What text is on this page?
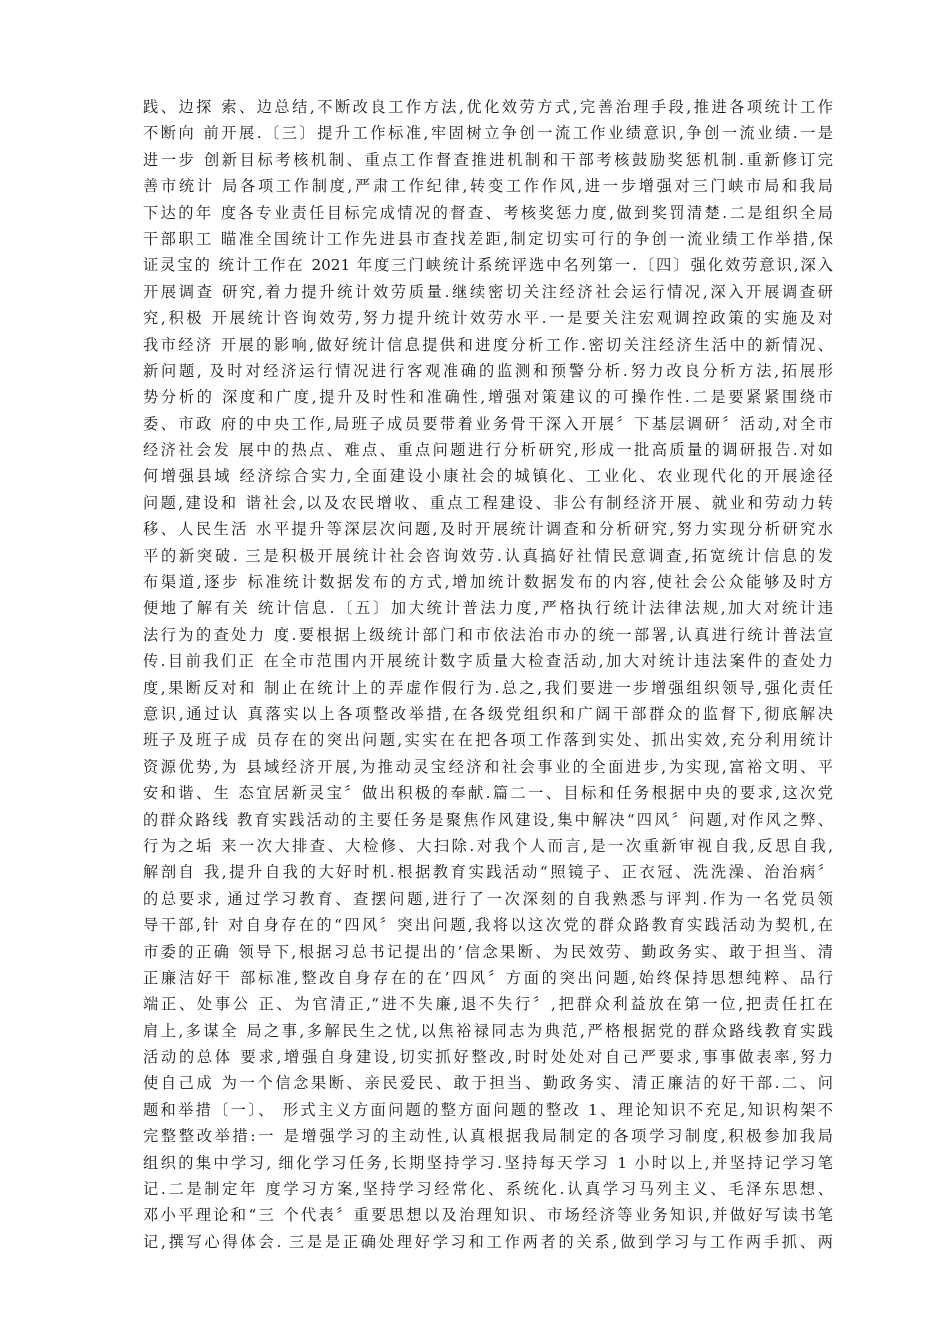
践、边探 索、边总结,不断改良工作方法,优化效劳方式,完善治理手段,推进各项统计工作
不断向 前开展.〔三〕提升工作标准,牢固树立争创一流工作业绩意识,争创一流业绩.一是
进一步 创新目标考核机制、重点工作督查推进机制和干部考核鼓励奖惩机制.重新修订完
善市统计 局各项工作制度,严肃工作纪律,转变工作作风,进一步增强对三门峡市局和我局
下达的年 度各专业责任目标完成情况的督查、考核奖惩力度,做到奖罚清楚.二是组织全局
干部职工 瞄准全国统计工作先进县市查找差距,制定切实可行的争创一流业绩工作举措,保
证灵宝的 统计工作在 2021 年度三门峡统计系统评选中名列第一.〔四〕强化效劳意识,深入
开展调查 研究,着力提升统计效劳质量.继续密切关注经济社会运行情况,深入开展调查研
究,积极 开展统计咨询效劳,努力提升统计效劳水平.一是要关注宏观调控政策的实施及对
我市经济 开展的影响,做好统计信息提供和进度分析工作.密切关注经济生活中的新情况、
新问题, 及时对经济运行情况进行客观准确的监测和预警分析.努力改良分析方法,拓展形
势分析的 深度和广度,提升及时性和准确性,增强对策建议的可操作性.二是要紧紧围绕市
委、市政 府的中央工作,局班子成员要带着业务骨干深入开展〞下基层调研〞活动,对全市
经济社会发 展中的热点、难点、重点问题进行分析研究,形成一批高质量的调研报告.对如
何增强县域 经济综合实力,全面建设小康社会的城镇化、工业化、农业现代化的开展途径
问题,建设和 谐社会,以及农民增收、重点工程建设、非公有制经济开展、就业和劳动力转
移、人民生活 水平提升等深层次问题,及时开展统计调查和分析研究,努力实现分析研究水
平的新突破. 三是积极开展统计社会咨询效劳.认真搞好社情民意调查,拓宽统计信息的发
布渠道,逐步 标准统计数据发布的方式,增加统计数据发布的内容,使社会公众能够及时方
便地了解有关 统计信息.〔五〕加大统计普法力度,严格执行统计法律法规,加大对统计违
法行为的查处力 度.要根据上级统计部门和市依法治市办的统一部署,认真进行统计普法宣
传.目前我们正 在全市范围内开展统计数字质量大检查活动,加大对统计违法案件的查处力
度,果断反对和 制止在统计上的弄虚作假行为.总之,我们要进一步增强组织领导,强化责任
意识,通过认 真落实以上各项整改举措,在各级党组织和广阔干部群众的监督下,彻底解决
班子及班子成 员存在的突出问题,实实在在把各项工作落到实处、抓出实效,充分利用统计
资源优势,为 县域经济开展,为推动灵宝经济和社会事业的全面进步,为实现,富裕文明、平
安和谐、生 态宜居新灵宝〞做出积极的奉献.篇二一、目标和任务根据中央的要求,这次党
的群众路线 教育实践活动的主要任务是聚焦作风建设,集中解决“四风〞问题,对作风之弊、
行为之垢 来一次大排查、大检修、大扫除.对我个人而言,是一次重新审视自我,反思自我,
解剖自 我,提升自我的大好时机.根据教育实践活动“照镜子、正衣冠、洗洗澡、治治病〞
的总要求, 通过学习教育、查摆问题,进行了一次深刻的自我熟悉与评判.作为一名党员领
导干部,针 对自身存在的“四风〞突出问题,我将以这次党的群众路教育实践活动为契机,在
市委的正确 领导下,根据习总书记提出的’信念果断、为民效劳、勤政务实、敢于担当、清
正廉洁好干 部标准,整改自身存在的在’四风〞方面的突出问题,始终保持思想纯粹、品行
端正、处事公 正、为官清正,“进不失廉,退不失行〞,把群众利益放在第一位,把责任扛在
肩上,多谋全 局之事,多解民生之忧,以焦裕禄同志为典范,严格根据党的群众路线教育实践
活动的总体 要求,增强自身建设,切实抓好整改,时时处处对自己严要求,事事做表率,努力
使自己成 为一个信念果断、亲民爱民、敢于担当、勤政务实、清正廉洁的好干部.二、问
题和举措〔一〕、 形式主义方面问题的整方面问题的整改 1、理论知识不充足,知识构架不
完整整改举措:一 是增强学习的主动性,认真根据我局制定的各项学习制度,积极参加我局
组织的集中学习, 细化学习任务,长期坚持学习.坚持每天学习 1 小时以上,并坚持记学习笔
记.二是制定年 度学习方案,坚持学习经常化、系统化.认真学习马列主义、毛泽东思想、
邓小平理论和“三 个代表〞重要思想以及治理知识、市场经济等业务知识,并做好写读书笔
记,撰写心得体会. 三是是正确处理好学习和工作两者的关系,做到学习与工作两手抓、两
